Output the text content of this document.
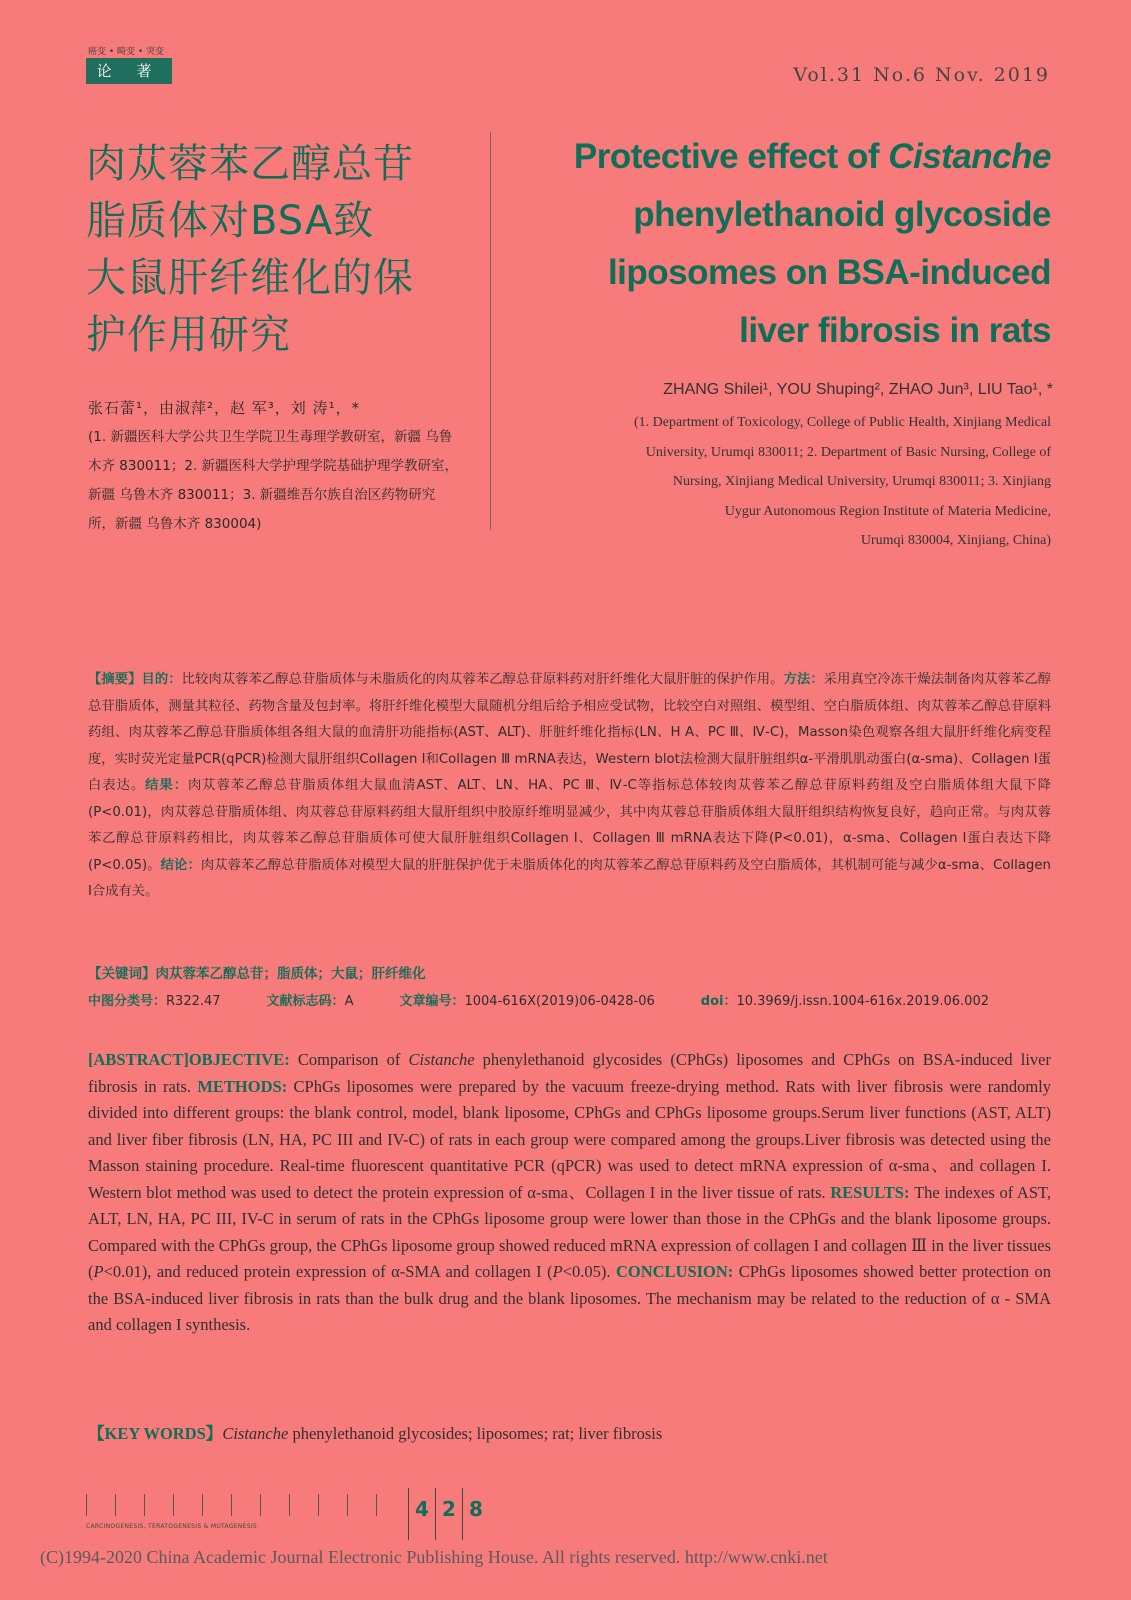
癌变 • 畸变 • 突变
论 著	Vol.31 No.6 Nov. 2019
肉苁蓉苯乙醇总苷
脂质体对BSA致
大鼠肝纤维化的保
护作用研究
Protective effect of Cistanche
phenylethanoid glycoside
liposomes on BSA-induced
liver fibrosis in rats
张石蕾¹，由淑萍²，赵 军³，刘 涛¹，*
(1. 新疆医科大学公共卫生学院卫生毒理学教研室，新疆 乌鲁木齐 830011；2. 新疆医科大学护理学院基础护理学教研室，新疆 乌鲁木齐 830011；3. 新疆维吾尔族自治区药物研究所，新疆 乌鲁木齐 830004)
ZHANG Shilei¹, YOU Shuping², ZHAO Jun³, LIU Tao¹, *
(1. Department of Toxicology, College of Public Health, Xinjiang Medical
University, Urumqi 830011; 2. Department of Basic Nursing, College of
Nursing, Xinjiang Medical University, Urumqi 830011; 3. Xinjiang
Uygur Autonomous Region Institute of Materia Medicine,
Urumqi 830004, Xinjiang, China)
【摘要】目的：比较肉苁蓉苯乙醇总苷脂质体与未脂质化的肉苁蓉苯乙醇总苷原料药对肝纤维化大鼠肝脏的保护作用。方法：采用真空冷冻干燥法制备肉苁蓉苯乙醇总苷脂质体，测量其粒径、药物含量及包封率。将肝纤维化模型大鼠随机分组后给予相应受试物，比较空白对照组、模型组、空白脂质体组、肉苁蓉苯乙醇总苷原料药组、肉苁蓉苯乙醇总苷脂质体组各组大鼠的血清肝功能指标(AST、ALT)、肝脏纤维化指标(LN、H A、PC Ⅲ、Ⅳ-C)，Masson染色观察各组大鼠肝纤维化病变程度，实时荧光定量PCR(qPCR)检测大鼠肝组织Collagen Ⅰ和Collagen Ⅲ mRNA表达，Western blot法检测大鼠肝脏组织α-平滑肌肌动蛋白(α-sma)、Collagen Ⅰ蛋白表达。结果：肉苁蓉苯乙醇总苷脂质体组大鼠血清AST、ALT、LN、HA、PC Ⅲ、Ⅳ-C等指标总体较肉苁蓉苯乙醇总苷原料药组及空白脂质体组大鼠下降(P<0.01)，肉苁蓉总苷脂质体组、肉苁蓉总苷原料药组大鼠肝组织中胶原纤维明显减少，其中肉苁蓉总苷脂质体组大鼠肝组织结构恢复良好，趋向正常。与肉苁蓉苯乙醇总苷原料药相比，肉苁蓉苯乙醇总苷脂质体可使大鼠肝脏组织Collagen Ⅰ、Collagen Ⅲ mRNA表达下降(P<0.01)，α-sma、Collagen Ⅰ蛋白表达下降(P<0.05)。结论：肉苁蓉苯乙醇总苷脂质体对模型大鼠的肝脏保护优于未脂质体化的肉苁蓉苯乙醇总苷原料药及空白脂质体，其机制可能与减少α-sma、Collagen Ⅰ合成有关。
【关键词】肉苁蓉苯乙醇总苷；脂质体；大鼠；肝纤维化
中图分类号：R322.47	文献标志码：A	文章编号：1004-616X(2019)06-0428-06	doi：10.3969/j.issn.1004-616x.2019.06.002
[ABSTRACT]OBJECTIVE: Comparison of Cistanche phenylethanoid glycosides (CPhGs) liposomes and CPhGs on BSA-induced liver fibrosis in rats. METHODS: CPhGs liposomes were prepared by the vacuum freeze-drying method. Rats with liver fibrosis were randomly divided into different groups: the blank control, model, blank liposome, CPhGs and CPhGs liposome groups.Serum liver functions (AST, ALT) and liver fiber fibrosis (LN, HA, PC III and IV-C) of rats in each group were compared among the groups.Liver fibrosis was detected using the Masson staining procedure. Real-time fluorescent quantitative PCR (qPCR) was used to detect mRNA expression of α-sma、and collagen I. Western blot method was used to detect the protein expression of α-sma、Collagen I in the liver tissue of rats. RESULTS: The indexes of AST, ALT, LN, HA, PC III, IV-C in serum of rats in the CPhGs liposome group were lower than those in the CPhGs and the blank liposome groups. Compared with the CPhGs group, the CPhGs liposome group showed reduced mRNA expression of collagen I and collagen Ⅲ in the liver tissues (P<0.01), and reduced protein expression of α-SMA and collagen I (P<0.05). CONCLUSION: CPhGs liposomes showed better protection on the BSA-induced liver fibrosis in rats than the bulk drug and the blank liposomes. The mechanism may be related to the reduction of α - SMA and collagen I synthesis.
【KEY WORDS】Cistanche phenylethanoid glycosides; liposomes; rat; liver fibrosis
CARCINOGENESIS, TERATOGENESIS & MUTAGENESIS
4 2 8
(C)1994-2020 China Academic Journal Electronic Publishing House. All rights reserved. http://www.cnki.net
